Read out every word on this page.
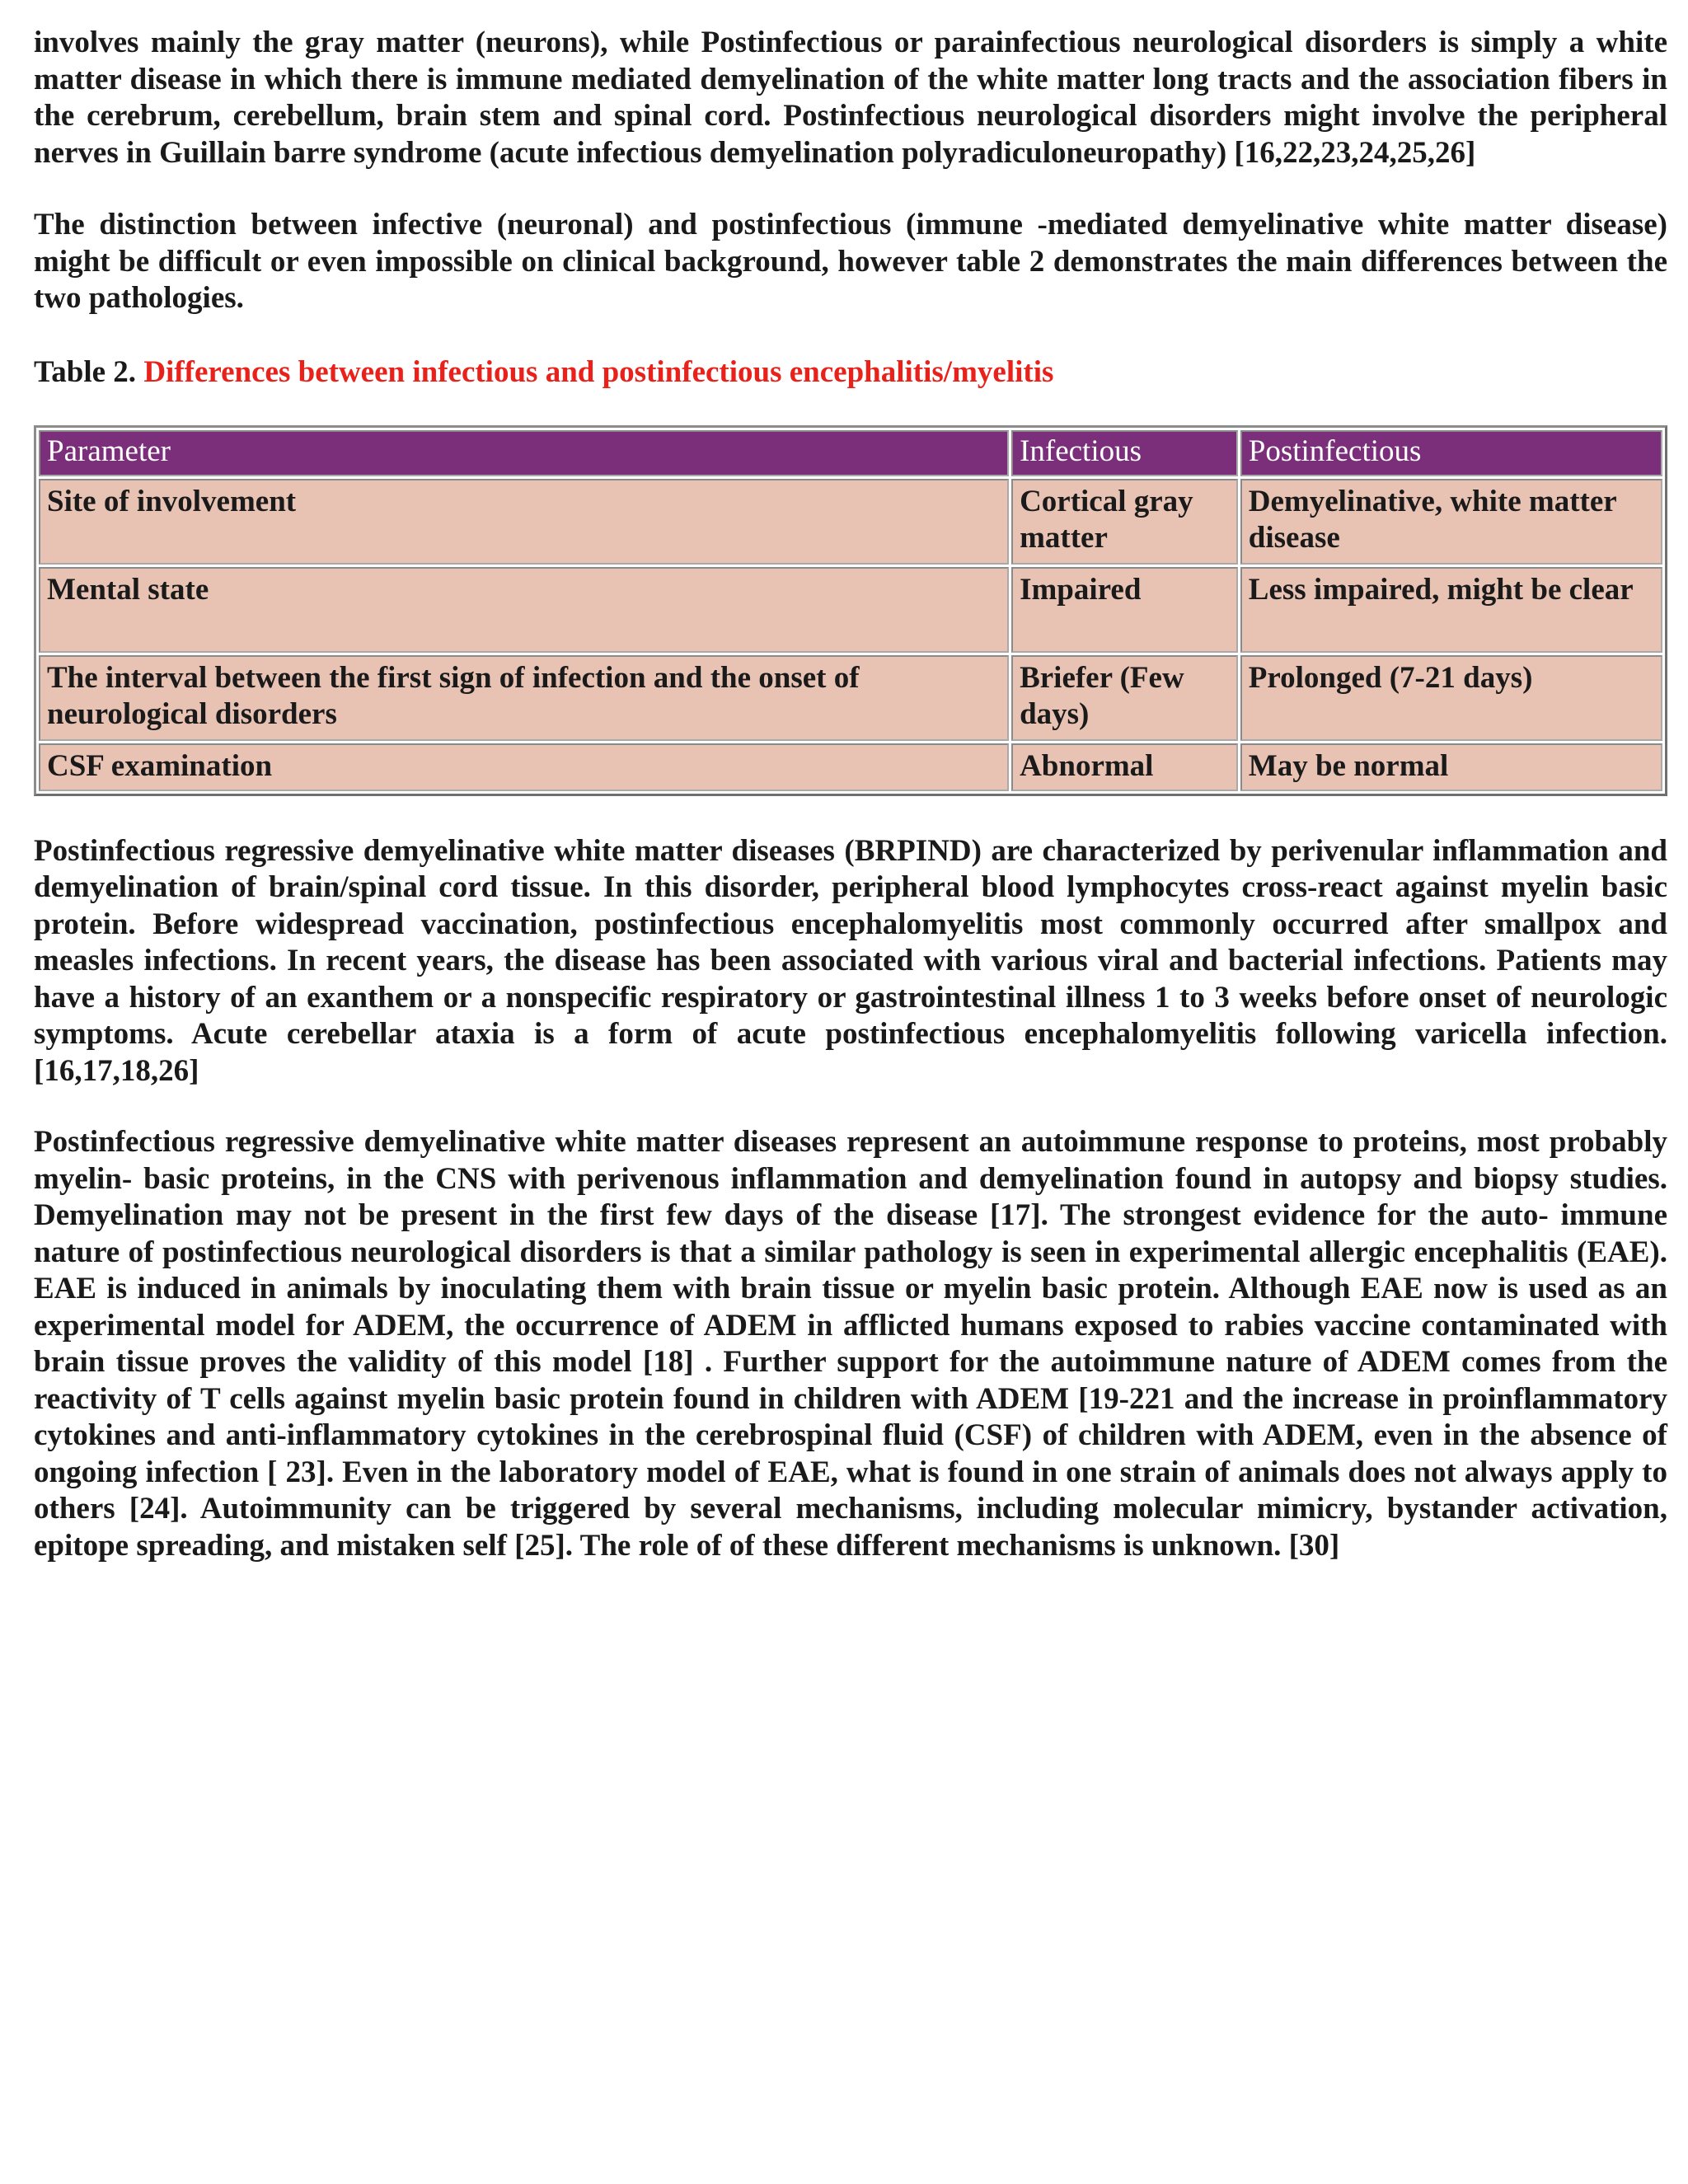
involves mainly the gray matter (neurons), while Postinfectious or parainfectious neurological disorders is simply a white matter disease in which there is immune mediated demyelination of the white matter long tracts and the association fibers in the cerebrum, cerebellum, brain stem and spinal cord. Postinfectious neurological disorders might involve the peripheral nerves in Guillain barre syndrome (acute infectious demyelination polyradiculoneuropathy) [16,22,23,24,25,26]

The distinction between infective (neuronal) and postinfectious (immune -mediated demyelinative white matter disease) might be difficult or even impossible on clinical background, however table 2 demonstrates the main differences between the two pathologies.

Table 2. Differences between infectious and postinfectious encephalitis/myelitis

Parameter	Infectious	Postinfectious
Site of involvement	Cortical gray matter	Demyelinative, white matter disease
Mental state	Impaired	Less impaired, might be clear
The interval between the first sign of infection and the onset of neurological disorders	Briefer (Few days)	Prolonged (7-21 days)
CSF examination	Abnormal	May be normal

Postinfectious regressive demyelinative white matter diseases (BRPIND) are characterized by perivenular inflammation and demyelination of brain/spinal cord tissue. In this disorder, peripheral blood lymphocytes cross-react against myelin basic protein. Before widespread vaccination, postinfectious encephalomyelitis most commonly occurred after smallpox and measles infections. In recent years, the disease has been associated with various viral and bacterial infections. Patients may have a history of an exanthem or a nonspecific respiratory or gastrointestinal illness 1 to 3 weeks before onset of neurologic symptoms. Acute cerebellar ataxia is a form of acute postinfectious encephalomyelitis following varicella infection. [16,17,18,26]

Postinfectious regressive demyelinative white matter diseases represent an autoimmune response to proteins, most probably myelin- basic proteins, in the CNS with perivenous inflammation and demyelination found in autopsy and biopsy studies. Demyelination may not be present in the first few days of the disease [17]. The strongest evidence for the auto- immune nature of postinfectious neurological disorders is that a similar pathology is seen in experimental allergic encephalitis (EAE). EAE is induced in animals by inoculating them with brain tissue or myelin basic protein. Although EAE now is used as an experimental model for ADEM, the occurrence of ADEM in afflicted humans exposed to rabies vaccine contaminated with brain tissue proves the validity of this model [18] . Further support for the autoimmune nature of ADEM comes from the reactivity of T cells against myelin basic protein found in children with ADEM [19-221 and the increase in proinflammatory cytokines and anti-inflammatory cytokines in the cerebrospinal fluid (CSF) of children with ADEM, even in the absence of ongoing infection [ 23]. Even in the laboratory model of EAE, what is found in one strain of animals does not always apply to others [24]. Autoimmunity can be triggered by several mechanisms, including molecular mimicry, bystander activation, epitope spreading, and mistaken self [25]. The role of of these different mechanisms is unknown. [30]
